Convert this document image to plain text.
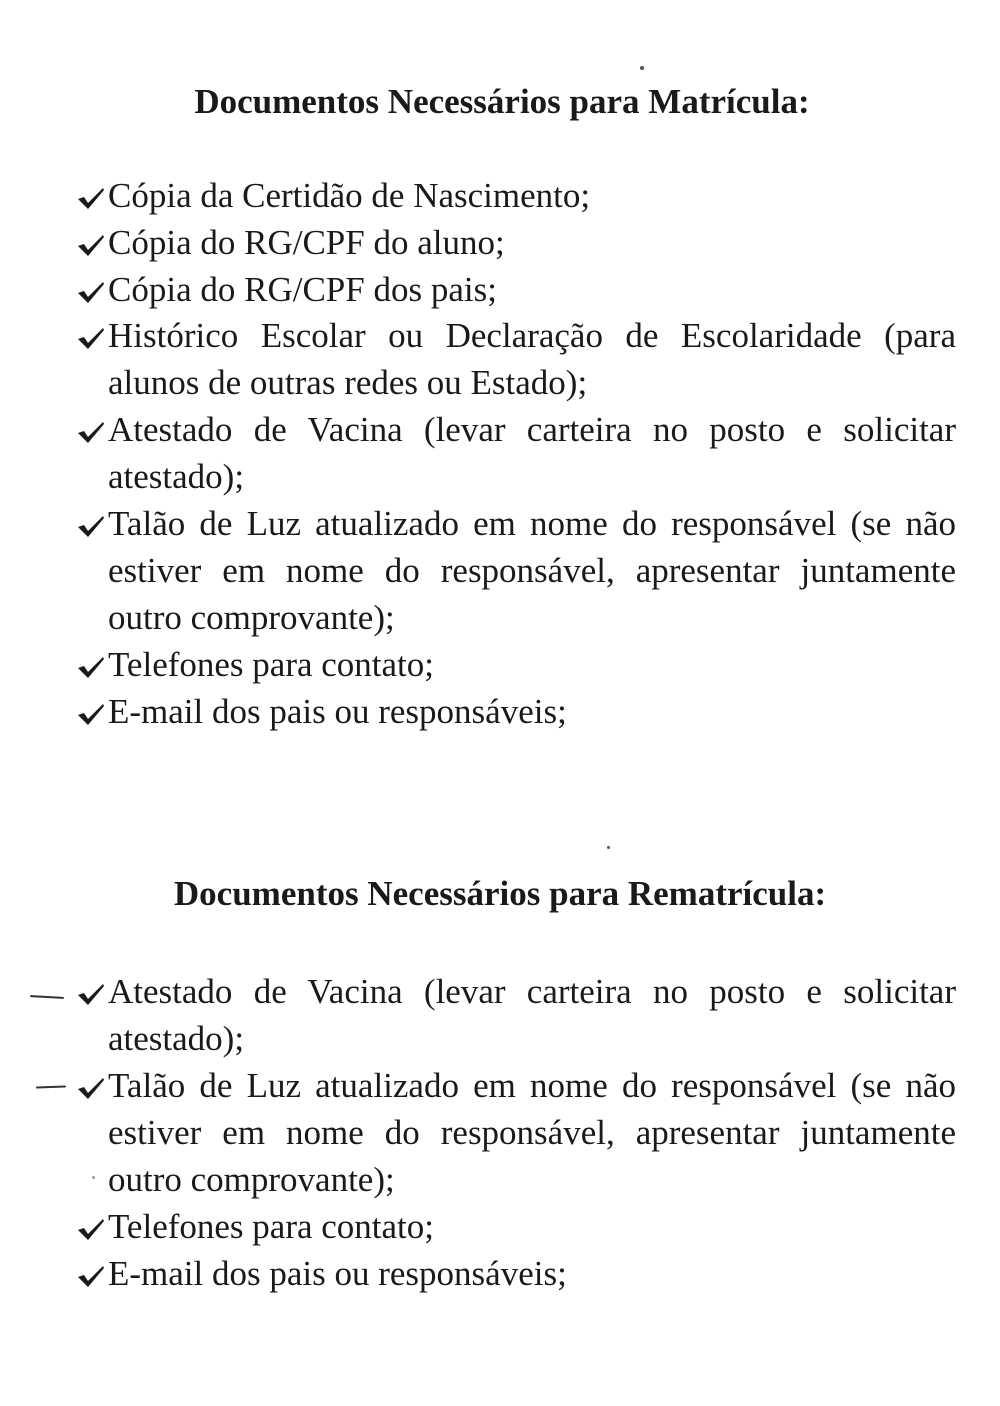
Documentos Necessários para Matrícula:
Cópia da Certidão de Nascimento;
Cópia do RG/CPF do aluno;
Cópia do RG/CPF dos pais;
Histórico Escolar ou Declaração de Escolaridade (para alunos de outras redes ou Estado);
Atestado de Vacina (levar carteira no posto e solicitar atestado);
Talão de Luz atualizado em nome do responsável (se não estiver em nome do responsável, apresentar juntamente outro comprovante);
Telefones para contato;
E-mail dos pais ou responsáveis;
Documentos Necessários para Rematrícula:
Atestado de Vacina (levar carteira no posto e solicitar atestado);
Talão de Luz atualizado em nome do responsável (se não estiver em nome do responsável, apresentar juntamente outro comprovante);
Telefones para contato;
E-mail dos pais ou responsáveis;
